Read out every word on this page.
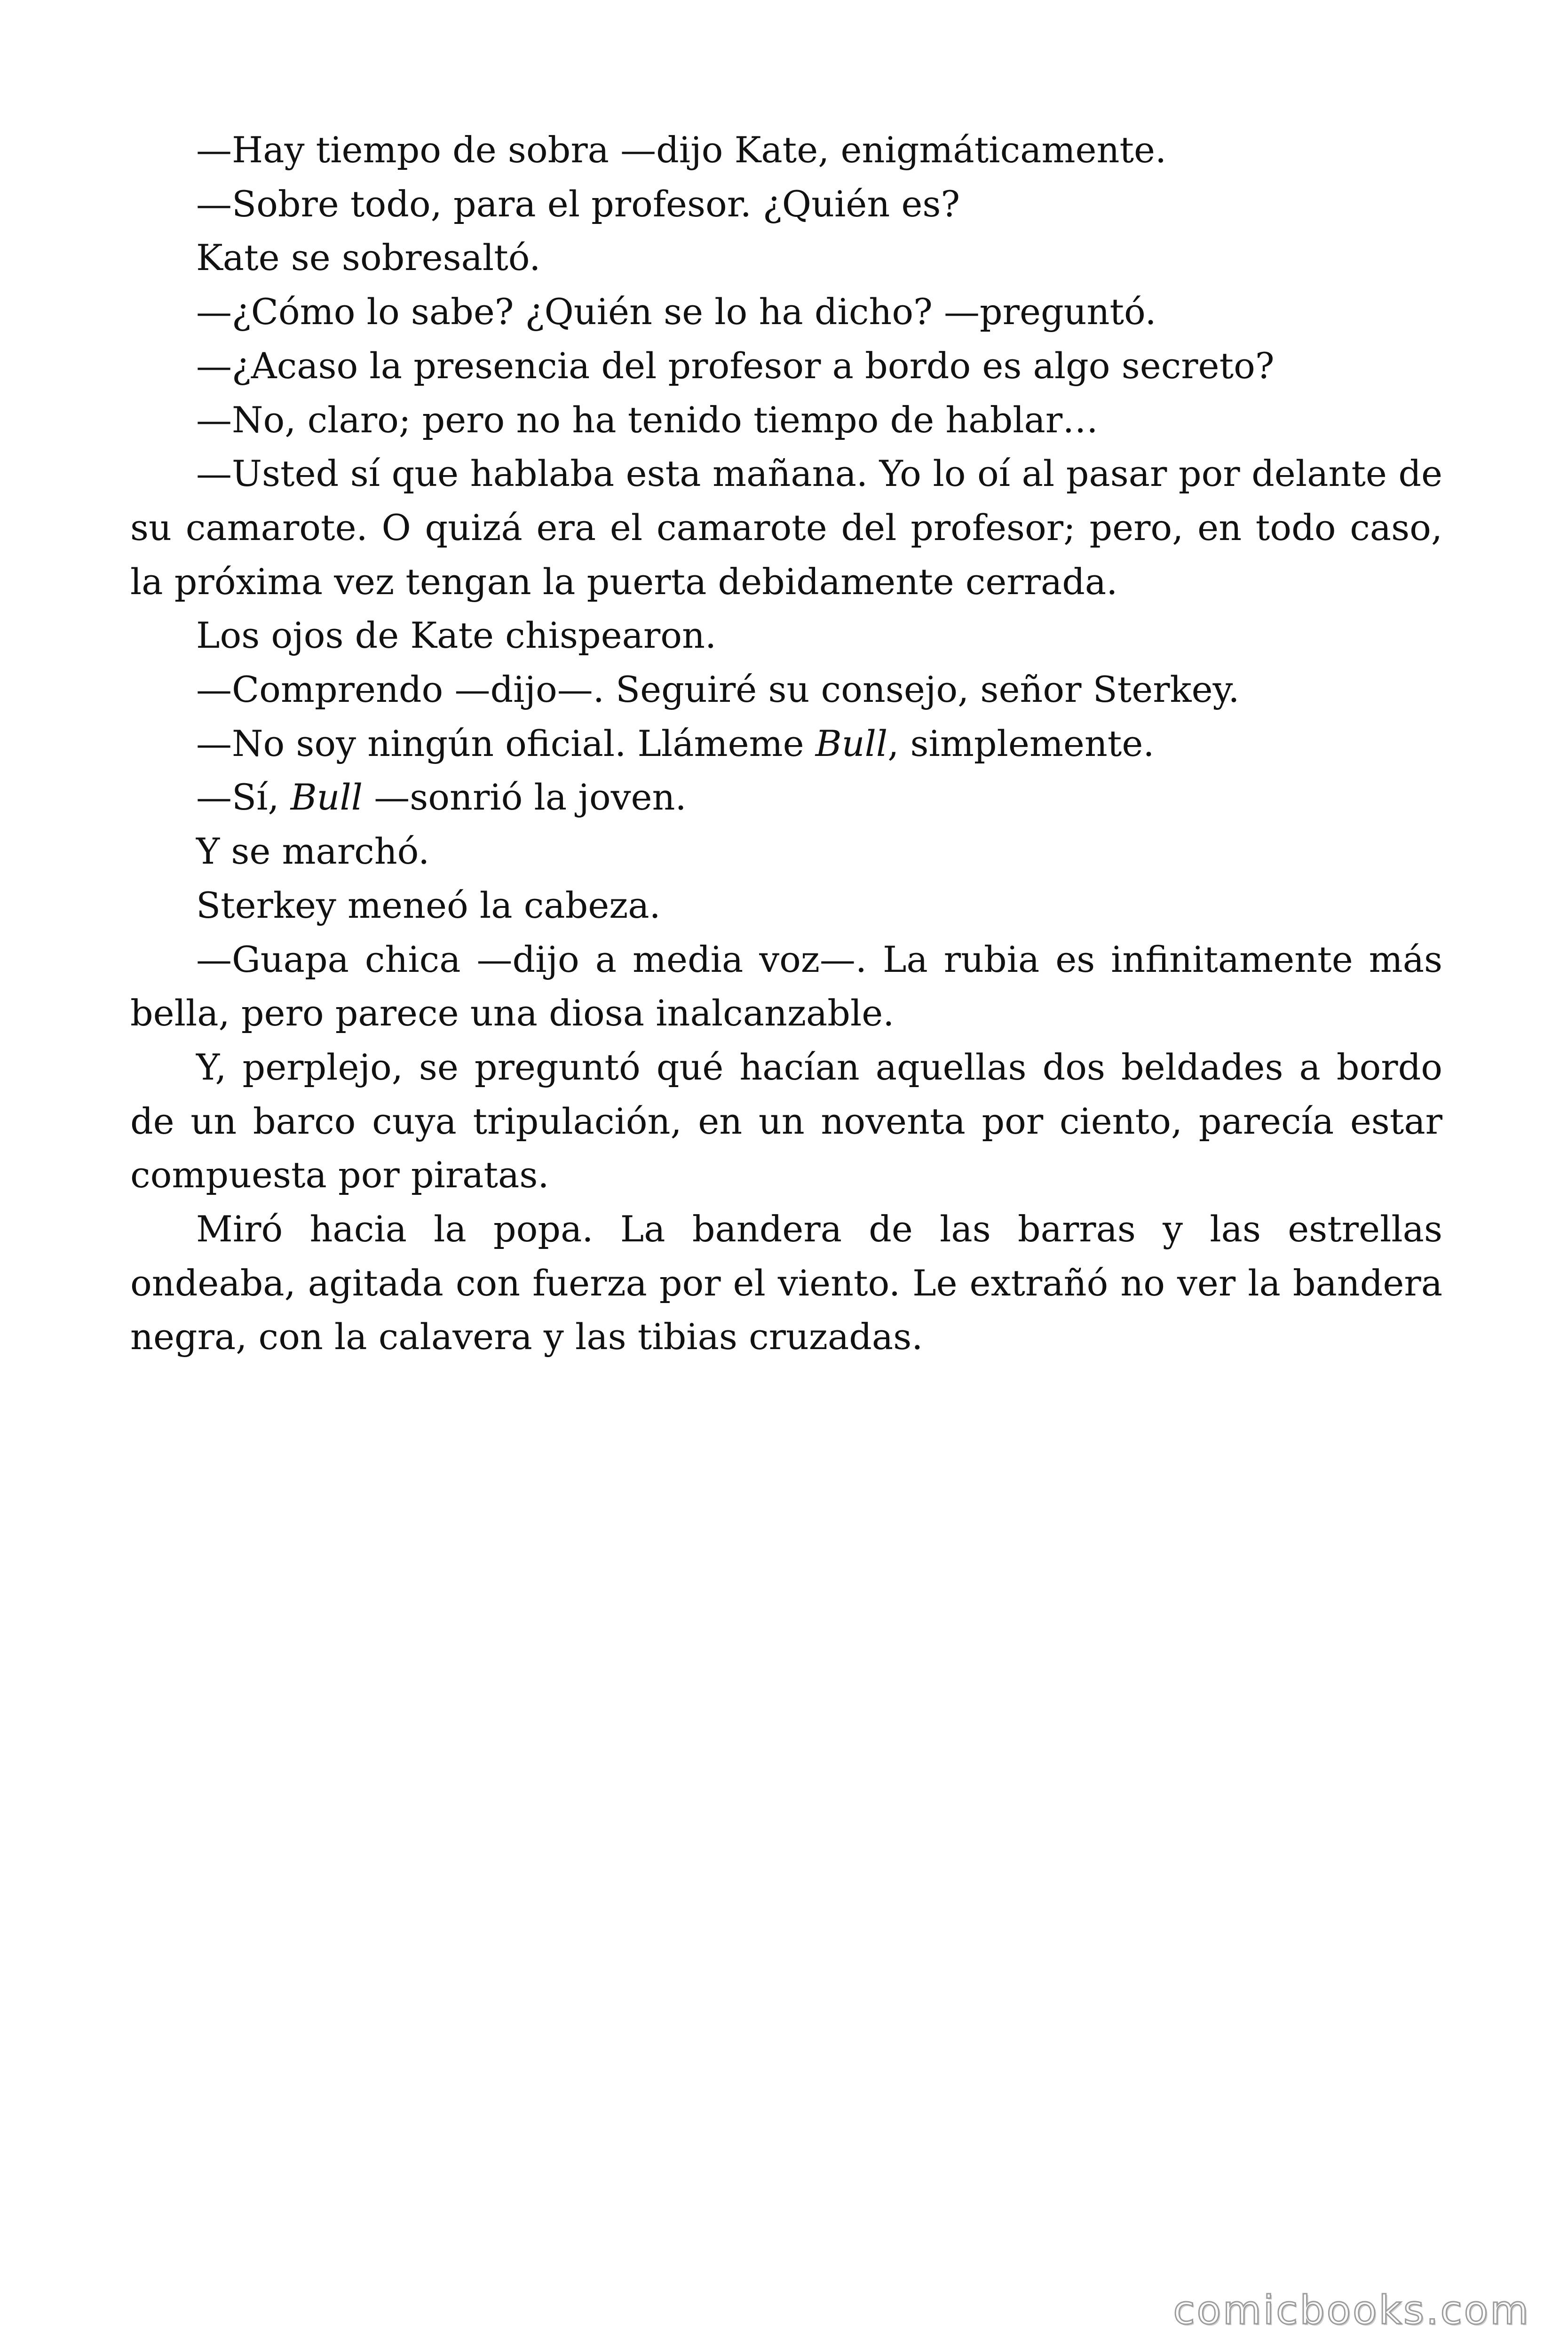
—Hay tiempo de sobra —dijo Kate, enigmáticamente.

—Sobre todo, para el profesor. ¿Quién es?

Kate se sobresaltó.

—¿Cómo lo sabe? ¿Quién se lo ha dicho? —preguntó.

—¿Acaso la presencia del profesor a bordo es algo secreto?

—No, claro; pero no ha tenido tiempo de hablar…

—Usted sí que hablaba esta mañana. Yo lo oí al pasar por delante de su camarote. O quizá era el camarote del profesor; pero, en todo caso, la próxima vez tengan la puerta debidamente cerrada.

Los ojos de Kate chispearon.

—Comprendo —dijo—. Seguiré su consejo, señor Sterkey.

—No soy ningún oficial. Llámeme Bull, simplemente.

—Sí, Bull —sonrió la joven.

Y se marchó.

Sterkey meneó la cabeza.

—Guapa chica —dijo a media voz—. La rubia es infinitamente más bella, pero parece una diosa inalcanzable.

Y, perplejo, se preguntó qué hacían aquellas dos beldades a bordo de un barco cuya tripulación, en un noventa por ciento, parecía estar compuesta por piratas.

Miró hacia la popa. La bandera de las barras y las estrellas ondeaba, agitada con fuerza por el viento. Le extrañó no ver la bandera negra, con la calavera y las tibias cruzadas.

comicbooks.com
